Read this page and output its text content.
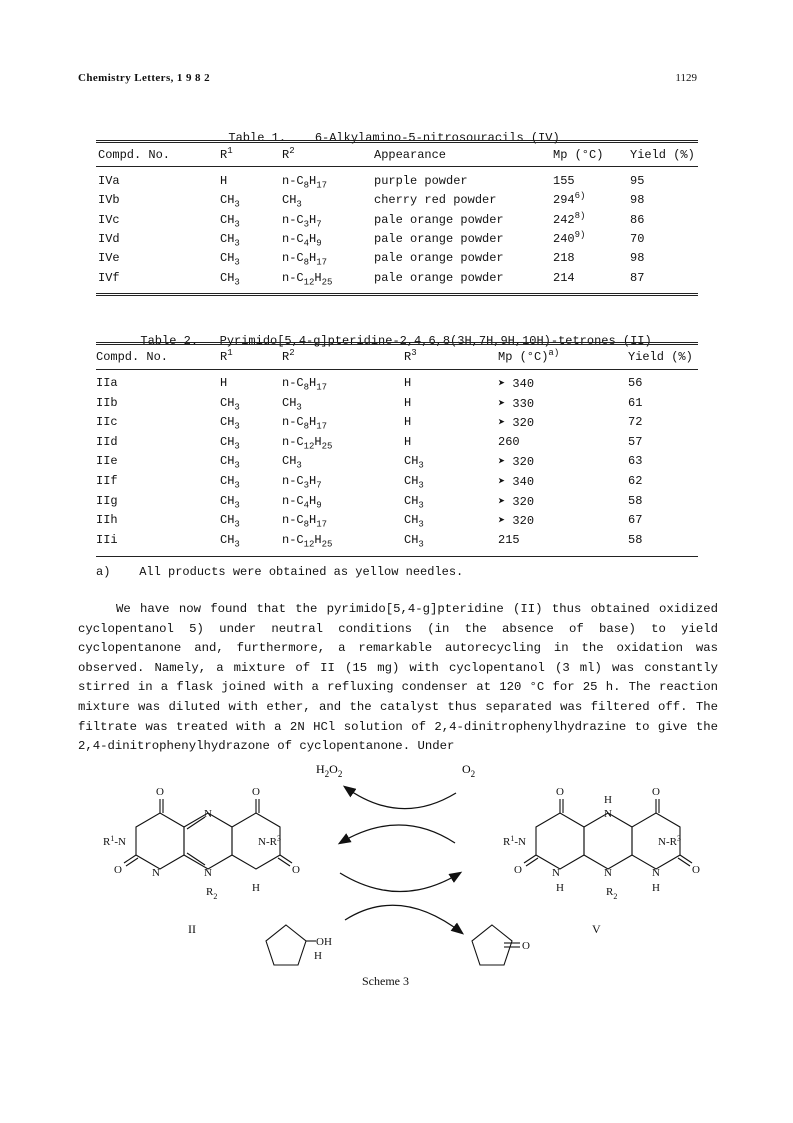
Chemistry Letters, 1 9 8 2	1129

Table 1.    6-Alkylamino-5-nitrosouracils (IV)

Compd. No.	$R^1$	$R^2$	Appearance	Mp (°C) Yield (%)
IVa	H	$n-C_8H_{17}$	purple powder	155	95
IVb	$CH_3$	$CH_3$	cherry red powder	294$^{6)}$	98
IVc	$CH_3$	$n-C_3H_7$	pale orange powder	242$^{8)}$	86
IVd	$CH_3$	$n-C_4H_9$	pale orange powder	240$^{9)}$	70
IVe	$CH_3$	$n-C_8H_{17}$	pale orange powder	218	98
IVf	$CH_3$	$n-C_{12}H_{25}$	pale orange powder	214	87

Table 2.   Pyrimido[5,4-g]pteridine-2,4,6,8(3H,7H,9H,10H)-tetrones (II)

Compd. No.	$R^1$	$R^2$	$R^3$	Mp $(^\circ C)^{a)}$	Yield (%)
IIa	H	$n-C_8H_{17}$	H	➤ 340	56
IIb	$CH_3$	$CH_3$	H	➤ 330	61
IIc	$CH_3$	$n-C_8H_{17}$	H	➤ 320	72
IId	$CH_3$	$n-C_{12}H_{25}$	H	260	57
IIe	$CH_3$	$CH_3$	$CH_3$	➤ 320	63
IIf	$CH_3$	$n-C_3H_7$	$CH_3$	➤ 340	62
IIg	$CH_3$	$n-C_4H_9$	$CH_3$	➤ 320	58
IIh	$CH_3$	$n-C_8H_{17}$	$CH_3$	➤ 320	67
IIi	$CH_3$	$n-C_{12}H_{25}$	$CH_3$	215	58
a)    All products were obtained as yellow needles.

We have now found that the pyrimido[5,4-g]pteridine (II) thus obtained oxidized cyclopentanol 5) under neutral conditions (in the absence of base) to yield cyclopentanone and, furthermore, a remarkable autorecycling in the oxidation was observed. Namely, a mixture of II (15 mg) with cyclopentanol (3 ml) was constantly stirred in a flask joined with a refluxing condenser at 120 °C for 25 h. The reaction mixture was diluted with ether, and the catalyst thus separated was filtered off. The filtrate was treated with a 2N HCl solution of 2,4-dinitrophenylhydrazine to give the 2,4-dinitrophenylhydrazone of cyclopentanone. Under

$H_2O_2$	$O_2$
O	O
$R^1-N$	$N-R^3$
N
N	N
O	O
$R_2$
H
II
O	O
H
N
$R^1-N$	$N-R^3$
N	N	N
O	O
H	$R_2$
H
V
OH
H
O
Scheme 3
